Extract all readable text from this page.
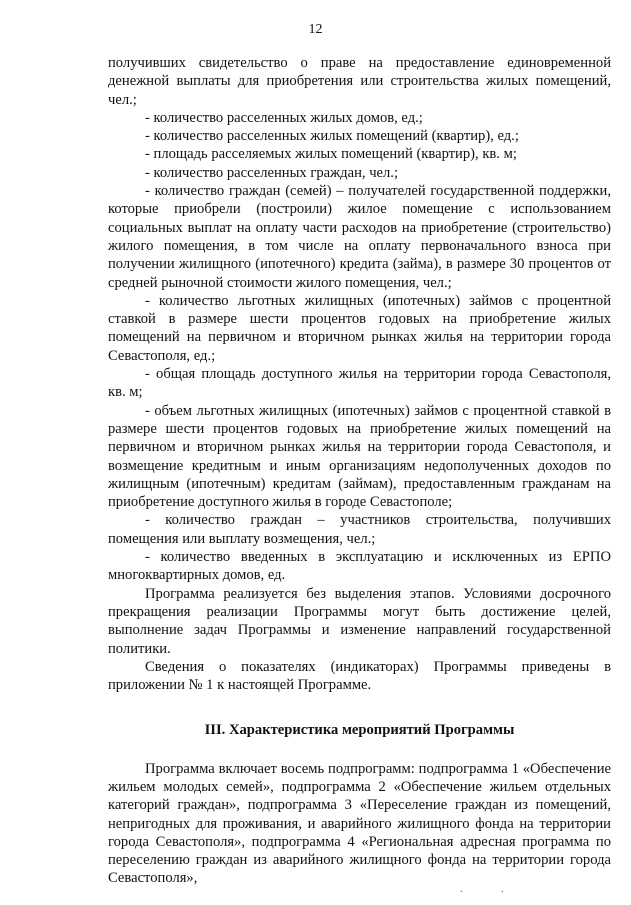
12

получивших свидетельство о праве на предоставление единовременной денежной выплаты для приобретения или строительства жилых помещений, чел.;

- количество расселенных жилых домов, ед.;

- количество расселенных жилых помещений (квартир), ед.;

- площадь расселяемых жилых помещений (квартир), кв. м;

- количество расселенных граждан, чел.;

- количество граждан (семей) – получателей государственной поддержки, которые приобрели (построили) жилое помещение с использованием социальных выплат на оплату части расходов на приобретение (строительство) жилого помещения, в том числе на оплату первоначального взноса при получении жилищного (ипотечного) кредита (займа), в размере 30 процентов от средней рыночной стоимости жилого помещения, чел.;

- количество льготных жилищных (ипотечных) займов с процентной ставкой в размере шести процентов годовых на приобретение жилых помещений на первичном и вторичном рынках жилья на территории города Севастополя, ед.;

- общая площадь доступного жилья на территории города Севастополя, кв. м;

- объем льготных жилищных (ипотечных) займов с процентной ставкой в размере шести процентов годовых на приобретение жилых помещений на первичном и вторичном рынках жилья на территории города Севастополя, и возмещение кредитным и иным организациям недополученных доходов по жилищным (ипотечным) кредитам (займам), предоставленным гражданам на приобретение доступного жилья в городе Севастополе;

- количество граждан – участников строительства, получивших помещения или выплату возмещения, чел.;

- количество введенных в эксплуатацию и исключенных из ЕРПО многоквартирных домов, ед.

Программа реализуется без выделения этапов. Условиями досрочного прекращения реализации Программы могут быть достижение целей, выполнение задач Программы и изменение направлений государственной политики.

Сведения о показателях (индикаторах) Программы приведены в приложении № 1 к настоящей Программе.

III. Характеристика мероприятий Программы

Программа включает восемь подпрограмм: подпрограмма 1 «Обеспечение жильем молодых семей», подпрограмма 2 «Обеспечение жильем отдельных категорий граждан», подпрограмма 3 «Переселение граждан из помещений, непригодных для проживания, и аварийного жилищного фонда на территории города Севастополя», подпрограмма 4 «Региональная адресная программа по переселению граждан из аварийного жилищного фонда на территории города Севастополя»,

. .
